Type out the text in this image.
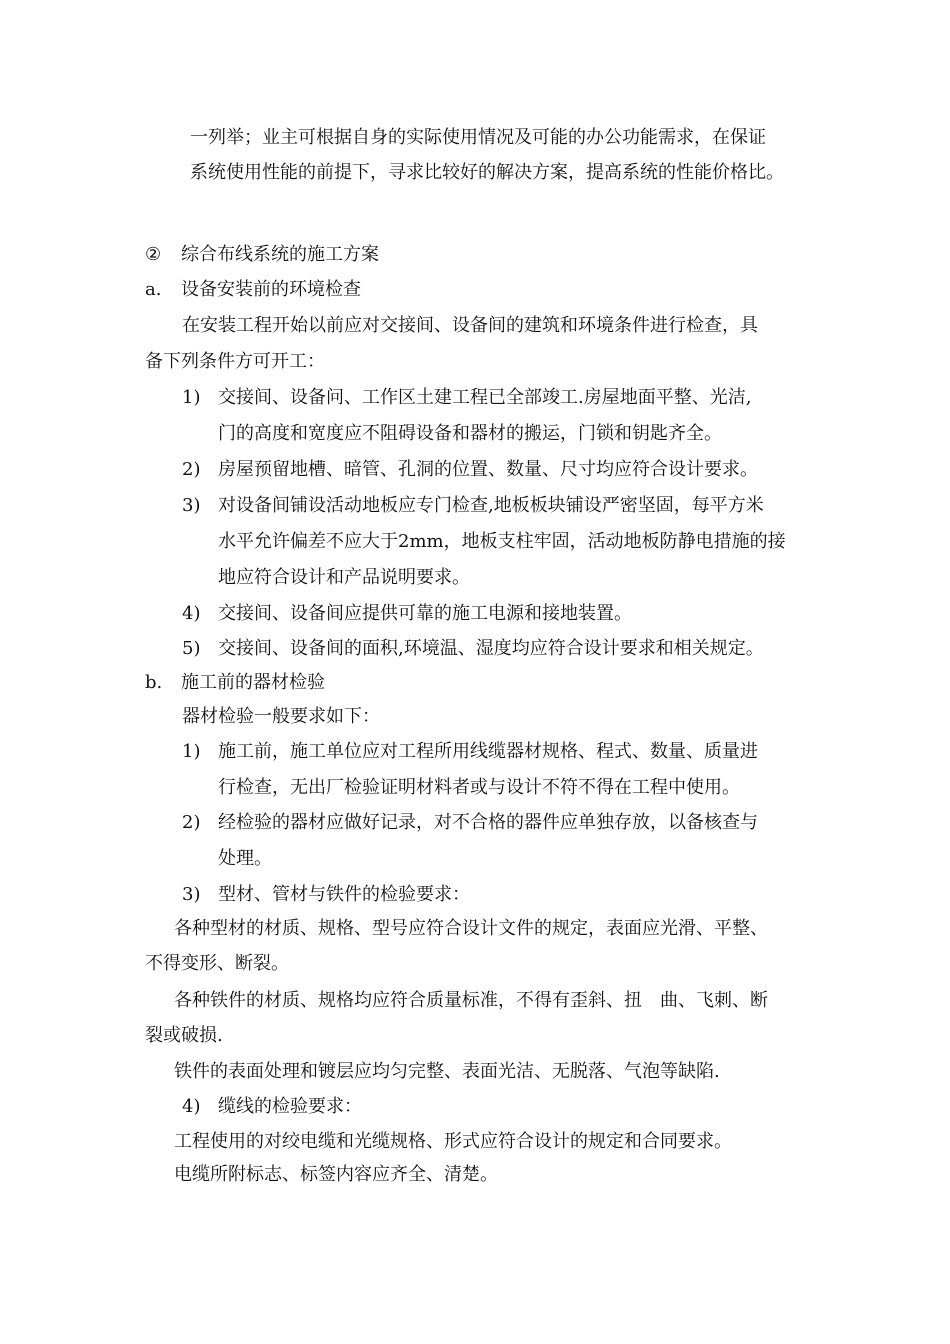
一列举；业主可根据自身的实际使用情况及可能的办公功能需求，在保证
系统使用性能的前提下，寻求比较好的解决方案，提高系统的性能价格比。
② 综合布线系统的施工方案
a. 设备安装前的环境检查
在安装工程开始以前应对交接间、设备间的建筑和环境条件进行检查，具
备下列条件方可开工：
1) 交接间、设备问、工作区土建工程已全部竣工.房屋地面平整、光洁,
门的高度和宽度应不阻碍设备和器材的搬运，门锁和钥匙齐全。
2) 房屋预留地槽、暗管、孔洞的位置、数量、尺寸均应符合设计要求。
3) 对设备间铺设活动地板应专门检查,地板板块铺设严密坚固，每平方米
水平允许偏差不应大于2mm，地板支柱牢固，活动地板防静电措施的接
地应符合设计和产品说明要求。
4) 交接间、设备间应提供可靠的施工电源和接地装置。
5) 交接间、设备间的面积,环境温、湿度均应符合设计要求和相关规定。
b. 施工前的器材检验
器材检验一般要求如下：
1) 施工前，施工单位应对工程所用线缆器材规格、程式、数量、质量进
行检查，无出厂检验证明材料者或与设计不符不得在工程中使用。
2) 经检验的器材应做好记录，对不合格的器件应单独存放，以备核查与
处理。
3) 型材、管材与铁件的检验要求：
各种型材的材质、规格、型号应符合设计文件的规定，表面应光滑、平整、
不得变形、断裂。
各种铁件的材质、规格均应符合质量标准，不得有歪斜、扭　曲、飞刺、断
裂或破损.
铁件的表面处理和镀层应均匀完整、表面光洁、无脱落、气泡等缺陷.
4) 缆线的检验要求：
工程使用的对绞电缆和光缆规格、形式应符合设计的规定和合同要求。
电缆所附标志、标签内容应齐全、清楚。
